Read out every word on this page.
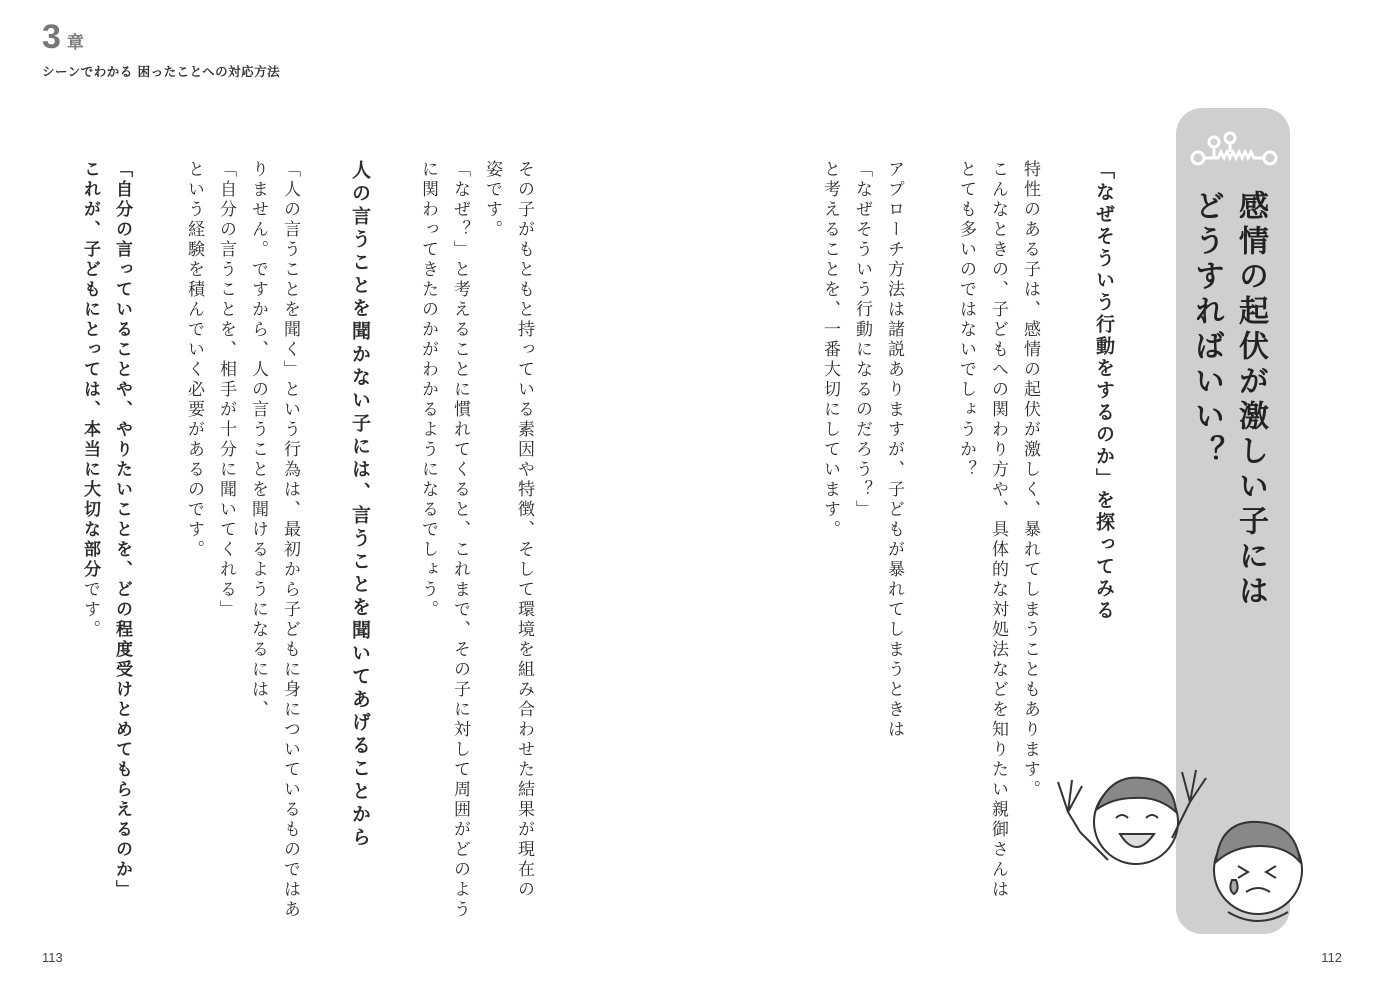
3 章
シーンでわかる 困ったことへの対応方法
感情の起伏が激しい子には
どうすればいい？
「なぜそういう行動をするのか」を探ってみる
特性のある子は、感情の起伏が激しく、暴れてしまうこともあります。
こんなときの、子どもへの関わり方や、具体的な対処法などを知りたい親御さんは
とても多いのではないでしょうか？
アプローチ方法は諸説ありますが、子どもが暴れてしまうときは
「なぜそういう行動になるのだろう？」
と考えることを、一番大切にしています。
その子がもともと持っている素因や特徴、そして環境を組み合わせた結果が現在の
姿です。
「なぜ？」と考えることに慣れてくると、これまで、その子に対して周囲がどのよう
に関わってきたのかがわかるようになるでしょう。
人の言うことを聞かない子には、言うことを聞いてあげることから
「人の言うことを聞く」という行為は、最初から子どもに身についているものではあ
りません。ですから、人の言うことを聞けるようになるには、
「自分の言うことを、相手が十分に聞いてくれる」
という経験を積んでいく必要があるのです。
「自分の言っていることや、やりたいことを、どの程度受けとめてもらえるのか」
これが、子どもにとっては、本当に大切な部分です。
113	112
